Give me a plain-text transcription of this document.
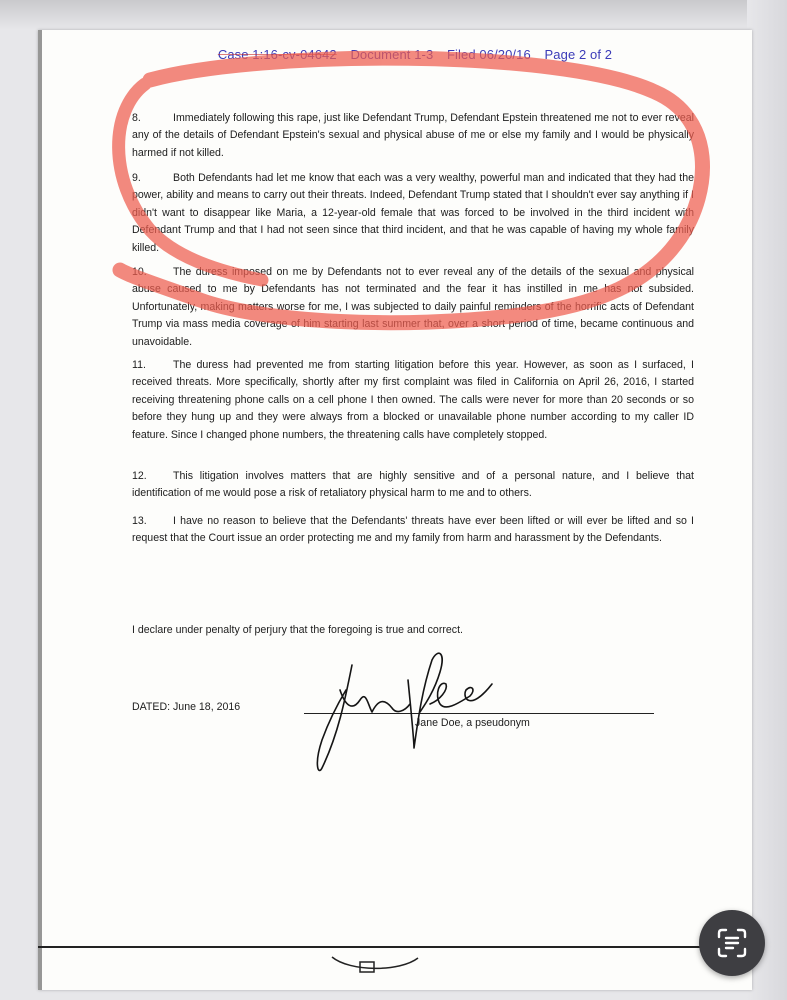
Case 1:16-cv-04642 Document 1-3 Filed 06/20/16 Page 2 of 2
8.	Immediately following this rape, just like Defendant Trump, Defendant Epstein threatened me not to ever reveal any of the details of Defendant Epstein's sexual and physical abuse of me or else my family and I would be physically harmed if not killed.
9.	Both Defendants had let me know that each was a very wealthy, powerful man and indicated that they had the power, ability and means to carry out their threats. Indeed, Defendant Trump stated that I shouldn't ever say anything if I didn't want to disappear like Maria, a 12-year-old female that was forced to be involved in the third incident with Defendant Trump and that I had not seen since that third incident, and that he was capable of having my whole family killed.
10. The duress imposed on me by Defendants not to ever reveal any of the details of the sexual and physical abuse caused to me by Defendants has not terminated and the fear it has instilled in me has not subsided. Unfortunately, making matters worse for me, I was subjected to daily painful reminders of the horrific acts of Defendant Trump via mass media coverage of him starting last summer that, over a short period of time, became continuous and unavoidable.
11.	The duress had prevented me from starting litigation before this year. However, as soon as I surfaced, I received threats. More specifically, shortly after my first complaint was filed in California on April 26, 2016, I started receiving threatening phone calls on a cell phone I then owned. The calls were never for more than 20 seconds or so before they hung up and they were always from a blocked or unavailable phone number according to my caller ID feature. Since I changed phone numbers, the threatening calls have completely stopped.
12. This litigation involves matters that are highly sensitive and of a personal nature, and I believe that identification of me would pose a risk of retaliatory physical harm to me and to others.
13. I have no reason to believe that the Defendants' threats have ever been lifted or will ever be lifted and so I request that the Court issue an order protecting me and my family from harm and harassment by the Defendants.
I declare under penalty of perjury that the foregoing is true and correct.
DATED: June 18, 2016
Jane Doe, a pseudonym
